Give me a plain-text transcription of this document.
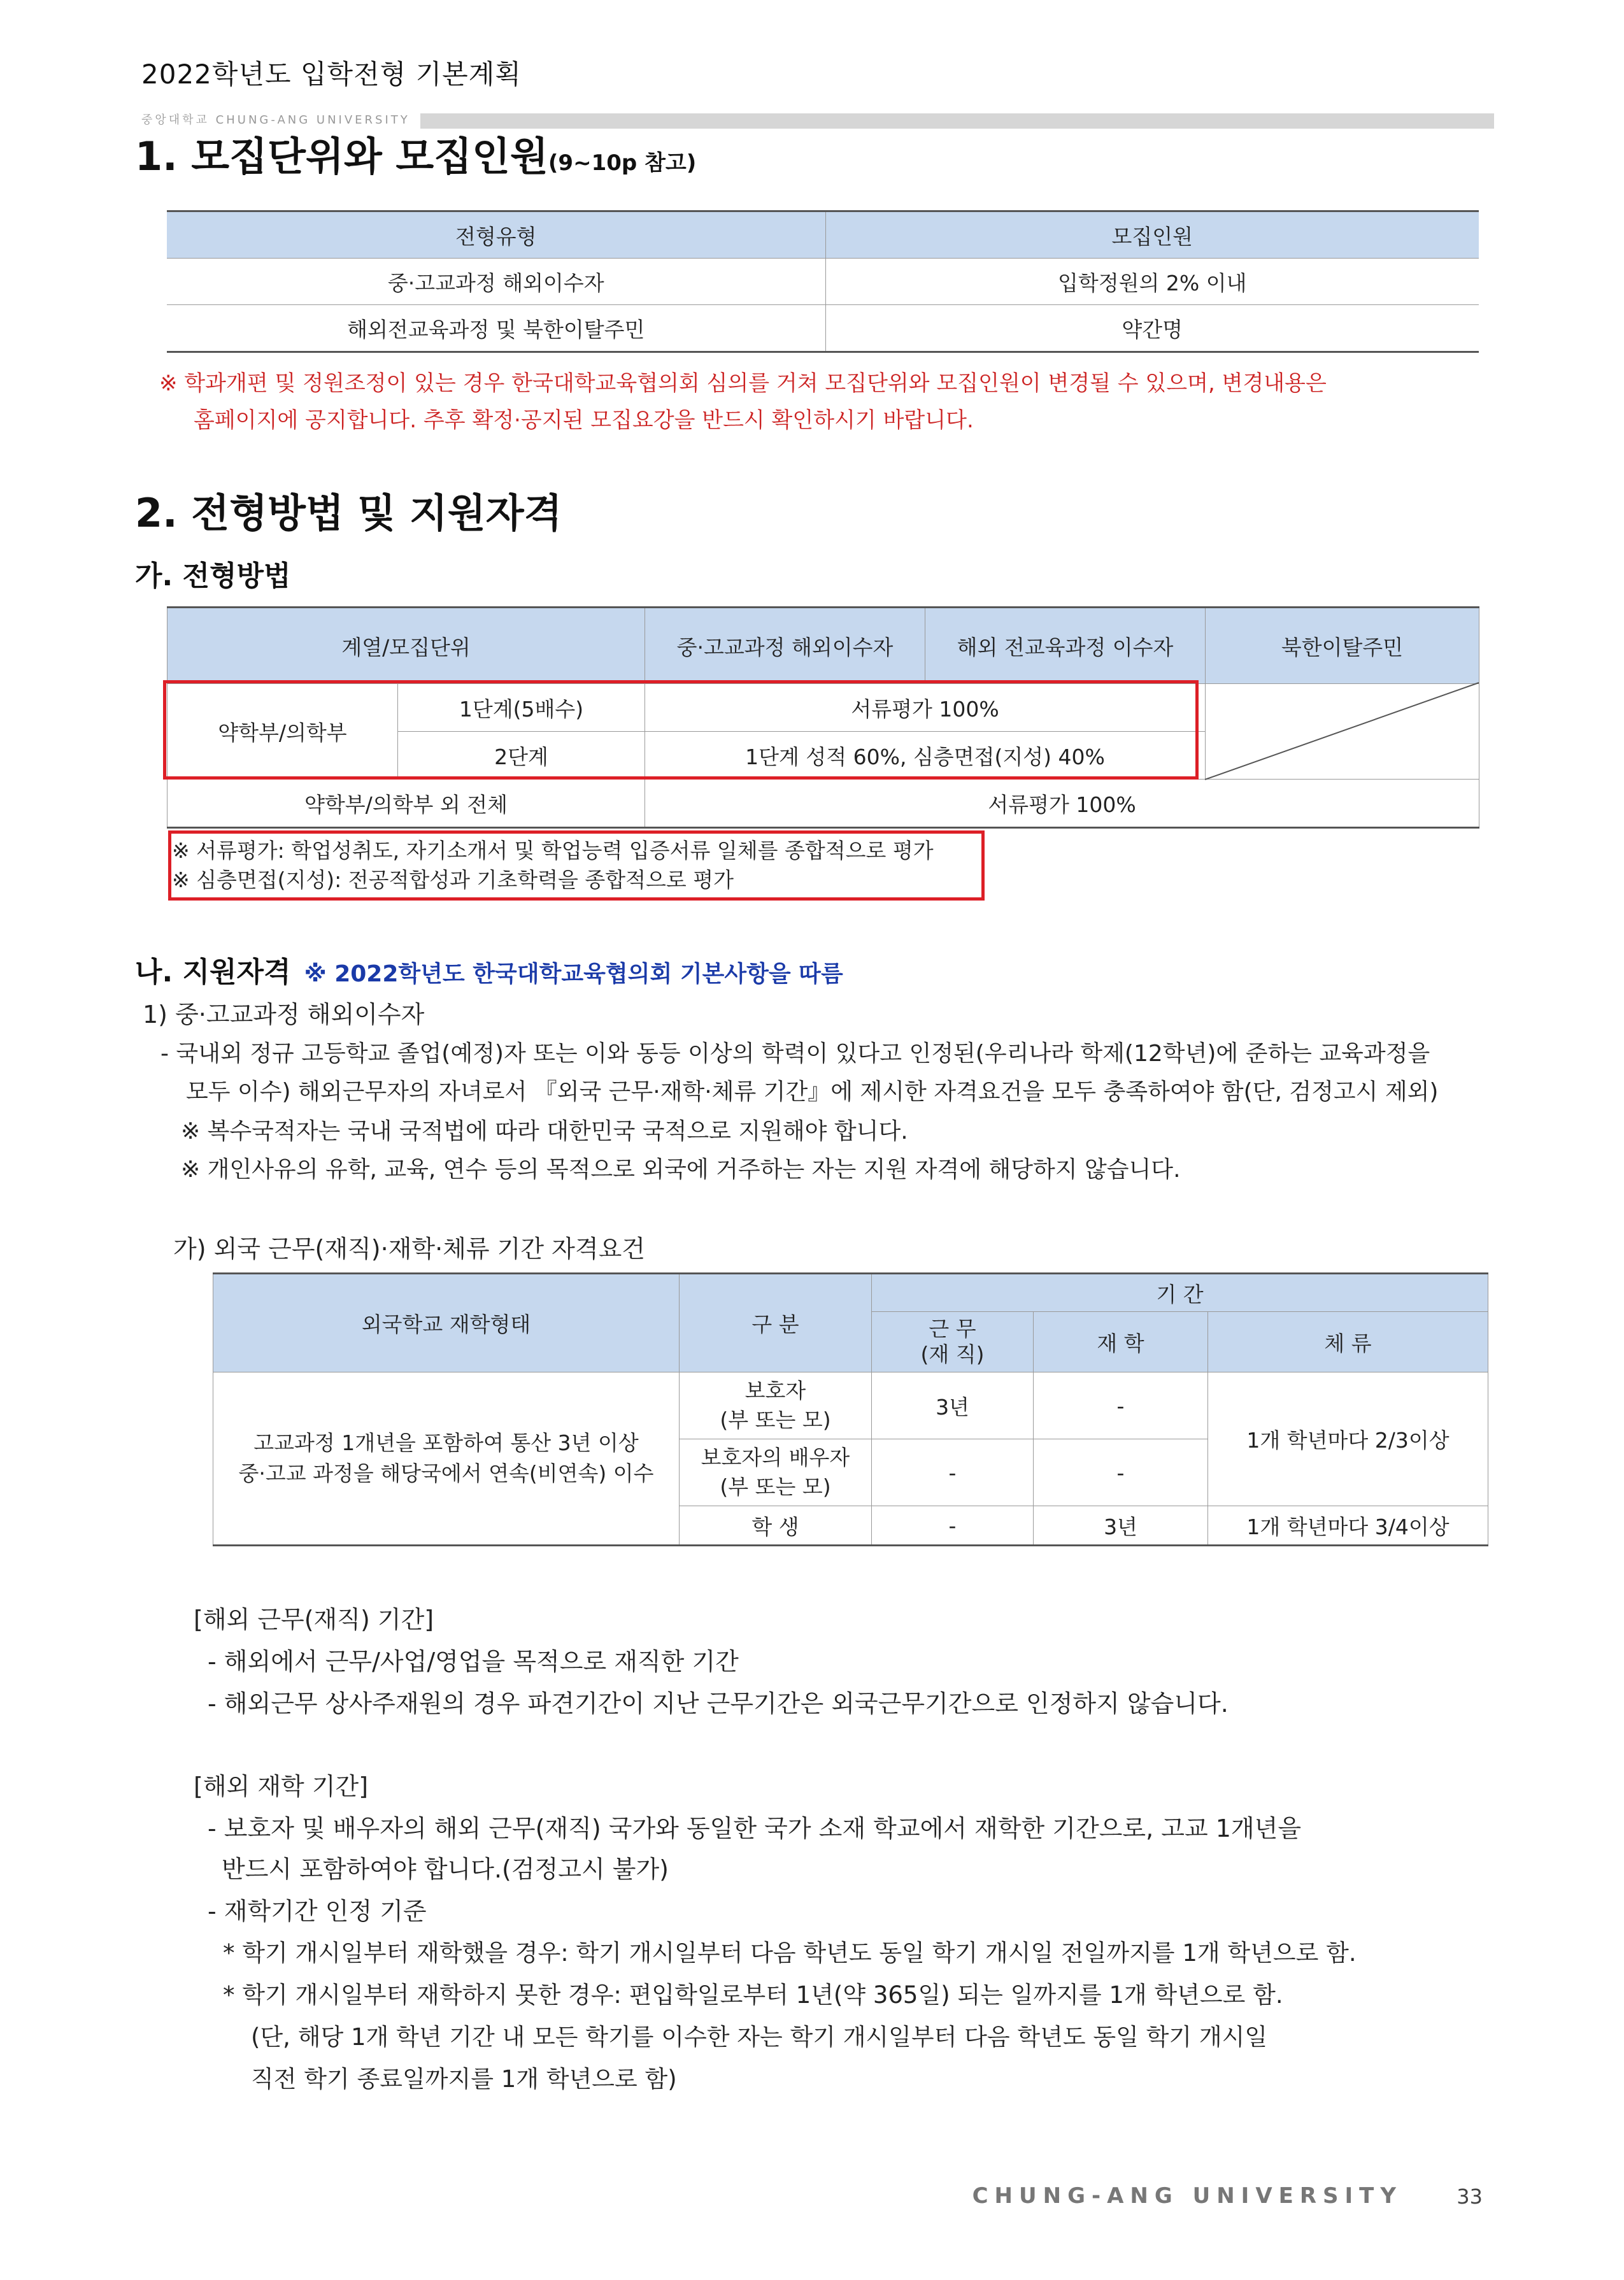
2022학년도 입학전형 기본계획
중앙대학교 CHUNG-ANG UNIVERSITY
1. 모집단위와 모집인원(9~10p 참고)
전형유형	모집인원
중·고교과정 해외이수자	입학정원의 2% 이내
해외전교육과정 및 북한이탈주민	약간명
※ 학과개편 및 정원조정이 있는 경우 한국대학교육협의회 심의를 거쳐 모집단위와 모집인원이 변경될 수 있으며, 변경내용은
홈페이지에 공지합니다. 추후 확정·공지된 모집요강을 반드시 확인하시기 바랍니다.
2. 전형방법 및 지원자격
가. 전형방법
계열/모집단위		중·고교과정 해외이수자	해외 전교육과정 이수자	북한이탈주민
약학부/의학부	1단계(5배수)	서류평가 100%		
	2단계	1단계 성적 60%, 심층면접(지성) 40%		
약학부/의학부 외 전체		서류평가 100%		
※ 서류평가: 학업성취도, 자기소개서 및 학업능력 입증서류 일체를 종합적으로 평가
※ 심층면접(지성): 전공적합성과 기초학력을 종합적으로 평가
나. 지원자격 ※ 2022학년도 한국대학교육협의회 기본사항을 따름
1) 중·고교과정 해외이수자
- 국내외 정규 고등학교 졸업(예정)자 또는 이와 동등 이상의 학력이 있다고 인정된(우리나라 학제(12학년)에 준하는 교육과정을
모두 이수) 해외근무자의 자녀로서 『외국 근무·재학·체류 기간』에 제시한 자격요건을 모두 충족하여야 함(단, 검정고시 제외)
※ 복수국적자는 국내 국적법에 따라 대한민국 국적으로 지원해야 합니다.
※ 개인사유의 유학, 교육, 연수 등의 목적으로 외국에 거주하는 자는 지원 자격에 해당하지 않습니다.
가) 외국 근무(재직)·재학·체류 기간 자격요건
외국학교 재학형태	구 분	기 간		
		근 무
(재 직)	재 학	체 류
고교과정 1개년을 포함하여 통산 3년 이상
중·고교 과정을 해당국에서 연속(비연속) 이수	보호자
(부 또는 모)	3년	-	1개 학년마다 2/3이상
	보호자의 배우자
(부 또는 모)	-	-	
	학 생	-	3년	1개 학년마다 3/4이상
[해외 근무(재직) 기간]
- 해외에서 근무/사업/영업을 목적으로 재직한 기간
- 해외근무 상사주재원의 경우 파견기간이 지난 근무기간은 외국근무기간으로 인정하지 않습니다.
[해외 재학 기간]
- 보호자 및 배우자의 해외 근무(재직) 국가와 동일한 국가 소재 학교에서 재학한 기간으로, 고교 1개년을
반드시 포함하여야 합니다.(검정고시 불가)
- 재학기간 인정 기준
* 학기 개시일부터 재학했을 경우: 학기 개시일부터 다음 학년도 동일 학기 개시일 전일까지를 1개 학년으로 함.
* 학기 개시일부터 재학하지 못한 경우: 편입학일로부터 1년(약 365일) 되는 일까지를 1개 학년으로 함.
(단, 해당 1개 학년 기간 내 모든 학기를 이수한 자는 학기 개시일부터 다음 학년도 동일 학기 개시일
직전 학기 종료일까지를 1개 학년으로 함)
CHUNG-ANG UNIVERSITY	33
